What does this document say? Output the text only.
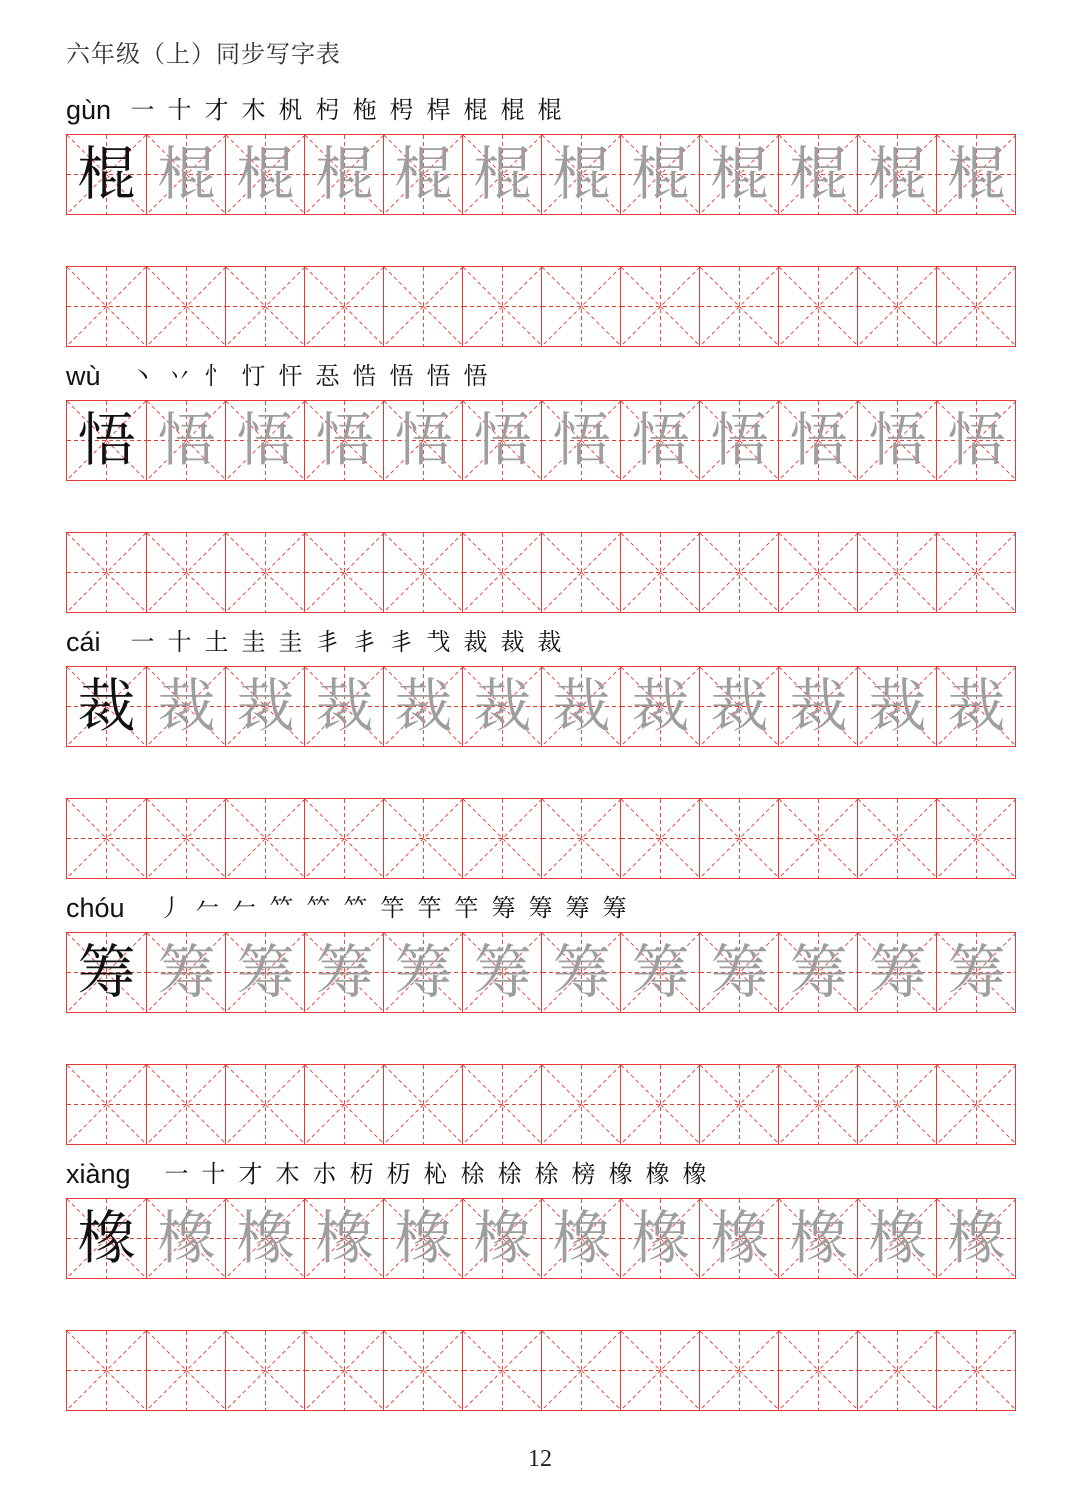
六年级（上）同步写字表
gùn 一 十 才 木 杋 杛 柂 枵 桿 棍 棍 棍
棍 棍 棍 棍 棍 棍 棍 棍 棍 棍 棍 棍
wù 丶 丷 忄 忊 忓 忢 悎 悟 悟 悟
悟 悟 悟 悟 悟 悟 悟 悟 悟 悟 悟 悟
cái 一 十 土 圭 圭 丯 丯 丯 𢦏 裁 裁 裁
裁 裁 裁 裁 裁 裁 裁 裁 裁 裁 裁 裁
chóu 丿 𠂉 𠂉 𥫗 𥫗 𥫗 竿 竿 竿 筹 筹 筹 筹
筹 筹 筹 筹 筹 筹 筹 筹 筹 筹 筹 筹
xiàng 一 十 才 木 朩 杤 杤 杺 梌 梌 梌 榜 橡 橡 橡
橡 橡 橡 橡 橡 橡 橡 橡 橡 橡 橡 橡
12
